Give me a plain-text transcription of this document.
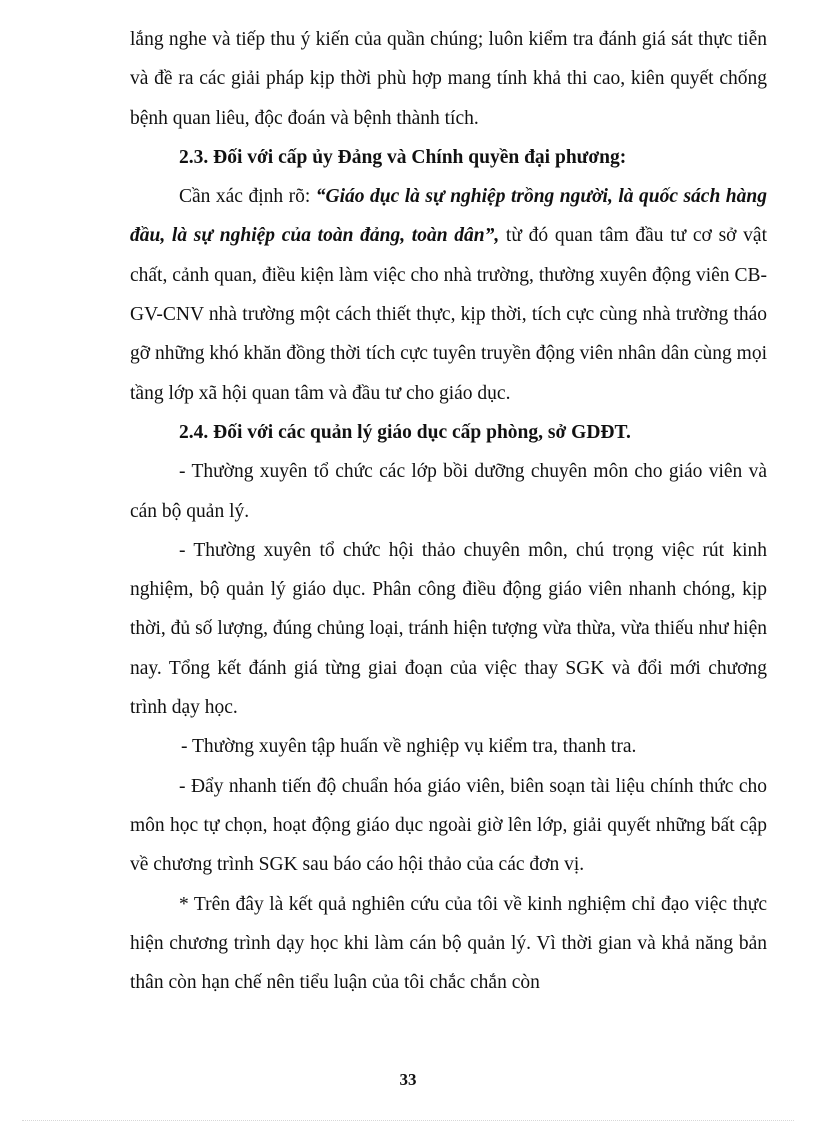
lắng nghe và tiếp thu ý kiến của quần chúng; luôn kiểm tra đánh giá sát thực tiễn và đề ra các giải pháp kịp thời phù hợp mang tính khả thi cao, kiên quyết chống bệnh quan liêu, độc đoán và bệnh thành tích.

2.3. Đối với cấp ủy Đảng và Chính quyền đại phương:

Cần xác định rõ: “Giáo dục là sự nghiệp trồng người, là quốc sách hàng đầu, là sự nghiệp của toàn đảng, toàn dân”, từ đó quan tâm đầu tư cơ sở vật chất, cảnh quan, điều kiện làm việc cho nhà trường, thường xuyên động viên CB-GV-CNV nhà trường một cách thiết thực, kịp thời, tích cực cùng nhà trường tháo gỡ những khó khăn đồng thời tích cực tuyên truyền động viên nhân dân cùng mọi tầng lớp xã hội quan tâm và đầu tư cho giáo dục.

2.4. Đối với các quản lý giáo dục cấp phòng, sở GDĐT.

- Thường xuyên tổ chức các lớp bồi dưỡng chuyên môn cho giáo viên và cán bộ quản lý.

- Thường xuyên tổ chức hội thảo chuyên môn, chú trọng việc rút kinh nghiệm, bộ quản lý giáo dục. Phân công điều động giáo viên nhanh chóng, kịp thời, đủ số lượng, đúng chủng loại, tránh hiện tượng vừa thừa, vừa thiếu như hiện nay. Tổng kết đánh giá từng giai đoạn của việc thay SGK và đổi mới chương trình dạy học.

- Thường xuyên tập huấn về nghiệp vụ kiểm tra, thanh tra.

- Đẩy nhanh tiến độ chuẩn hóa giáo viên, biên soạn tài liệu chính thức cho môn học tự chọn, hoạt động giáo dục ngoài giờ lên lớp, giải quyết những bất cập về chương trình SGK sau báo cáo hội thảo của các đơn vị.

* Trên đây là kết quả nghiên cứu của tôi về kinh nghiệm chỉ đạo việc thực hiện chương trình dạy học khi làm cán bộ quản lý. Vì thời gian và khả năng bản thân còn hạn chế nên tiểu luận của tôi chắc chắn còn

33
